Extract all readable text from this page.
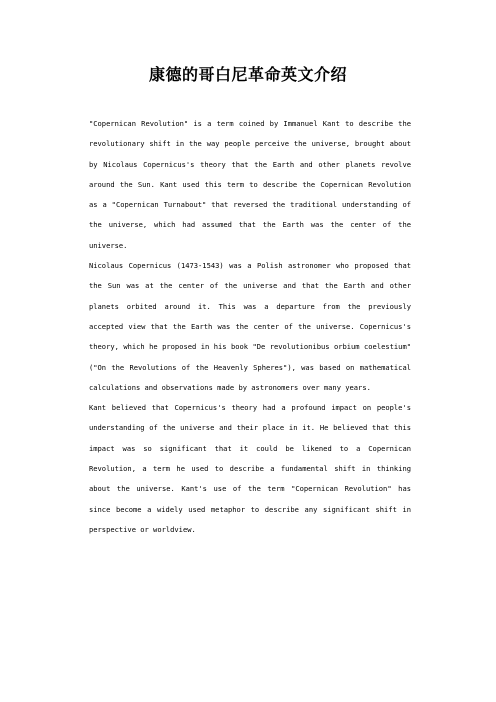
康德的哥白尼革命英文介绍

"Copernican Revolution" is a term coined by Immanuel Kant to describe the revolutionary shift in the way people perceive the universe, brought about by Nicolaus Copernicus's theory that the Earth and other planets revolve around the Sun. Kant used this term to describe the Copernican Revolution as a "Copernican Turnabout" that reversed the traditional understanding of the universe, which had assumed that the Earth was the center of the universe.

Nicolaus Copernicus (1473-1543) was a Polish astronomer who proposed that the Sun was at the center of the universe and that the Earth and other planets orbited around it. This was a departure from the previously accepted view that the Earth was the center of the universe. Copernicus's theory, which he proposed in his book "De revolutionibus orbium coelestium" ("On the Revolutions of the Heavenly Spheres"), was based on mathematical calculations and observations made by astronomers over many years.

Kant believed that Copernicus's theory had a profound impact on people's understanding of the universe and their place in it. He believed that this impact was so significant that it could be likened to a Copernican Revolution, a term he used to describe a fundamental shift in thinking about the universe. Kant's use of the term "Copernican Revolution" has since become a widely used metaphor to describe any significant shift in perspective or worldview.
